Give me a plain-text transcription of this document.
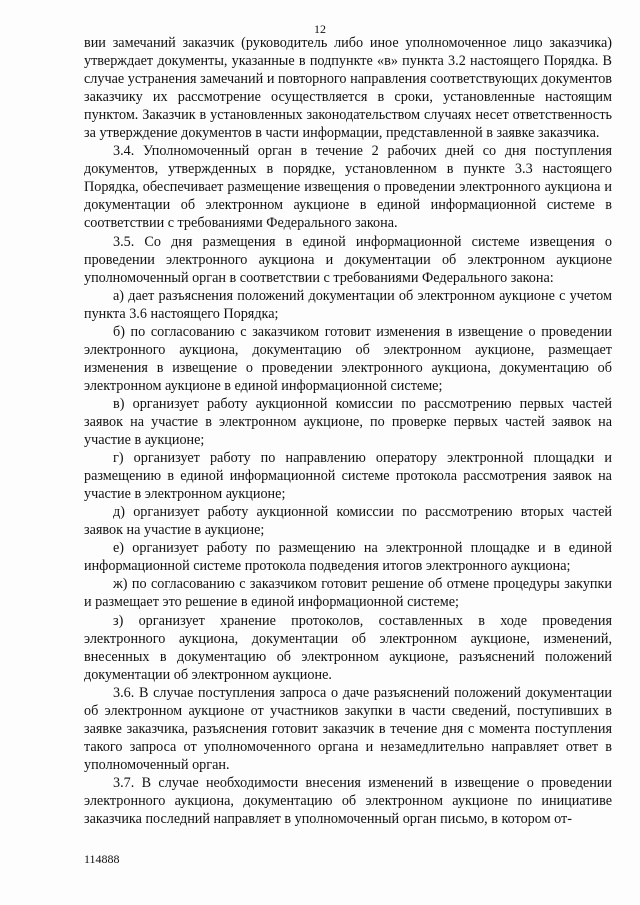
12

вии замечаний заказчик (руководитель либо иное уполномоченное лицо заказчика) утверждает документы, указанные в подпункте «в» пункта 3.2 настоящего Порядка. В случае устранения замечаний и повторного направления соответствующих документов заказчику их рассмотрение осуществляется в сроки, установленные настоящим пунктом. Заказчик в установленных законодательством случаях несет ответственность за утверждение документов в части информации, представленной в заявке заказчика.

3.4. Уполномоченный орган в течение 2 рабочих дней со дня поступления документов, утвержденных в порядке, установленном в пункте 3.3 настоящего Порядка, обеспечивает размещение извещения о проведении электронного аукциона и документации об электронном аукционе в единой информационной системе в соответствии с требованиями Федерального закона.

3.5. Со дня размещения в единой информационной системе извещения о проведении электронного аукциона и документации об электронном аукционе уполномоченный орган в соответствии с требованиями Федерального закона:

а) дает разъяснения положений документации об электронном аукционе с учетом пункта 3.6 настоящего Порядка;

б) по согласованию с заказчиком готовит изменения в извещение о проведении электронного аукциона, документацию об электронном аукционе, размещает изменения в извещение о проведении электронного аукциона, документацию об электронном аукционе в единой информационной системе;

в) организует работу аукционной комиссии по рассмотрению первых частей заявок на участие в электронном аукционе, по проверке первых частей заявок на участие в аукционе;

г) организует работу по направлению оператору электронной площадки и размещению в единой информационной системе протокола рассмотрения заявок на участие в электронном аукционе;

д) организует работу аукционной комиссии по рассмотрению вторых частей заявок на участие в аукционе;

е) организует работу по размещению на электронной площадке и в единой информационной системе протокола подведения итогов электронного аукциона;

ж) по согласованию с заказчиком готовит решение об отмене процедуры закупки и размещает это решение в единой информационной системе;

з) организует хранение протоколов, составленных в ходе проведения электронного аукциона, документации об электронном аукционе, изменений, внесенных в документацию об электронном аукционе, разъяснений положений документации об электронном аукционе.

3.6. В случае поступления запроса о даче разъяснений положений документации об электронном аукционе от участников закупки в части сведений, поступивших в заявке заказчика, разъяснения готовит заказчик в течение дня с момента поступления такого запроса от уполномоченного органа и незамедлительно направляет ответ в уполномоченный орган.

3.7. В случае необходимости внесения изменений в извещение о проведении электронного аукциона, документацию об электронном аукционе по инициативе заказчика последний направляет в уполномоченный орган письмо, в котором от-

114888
